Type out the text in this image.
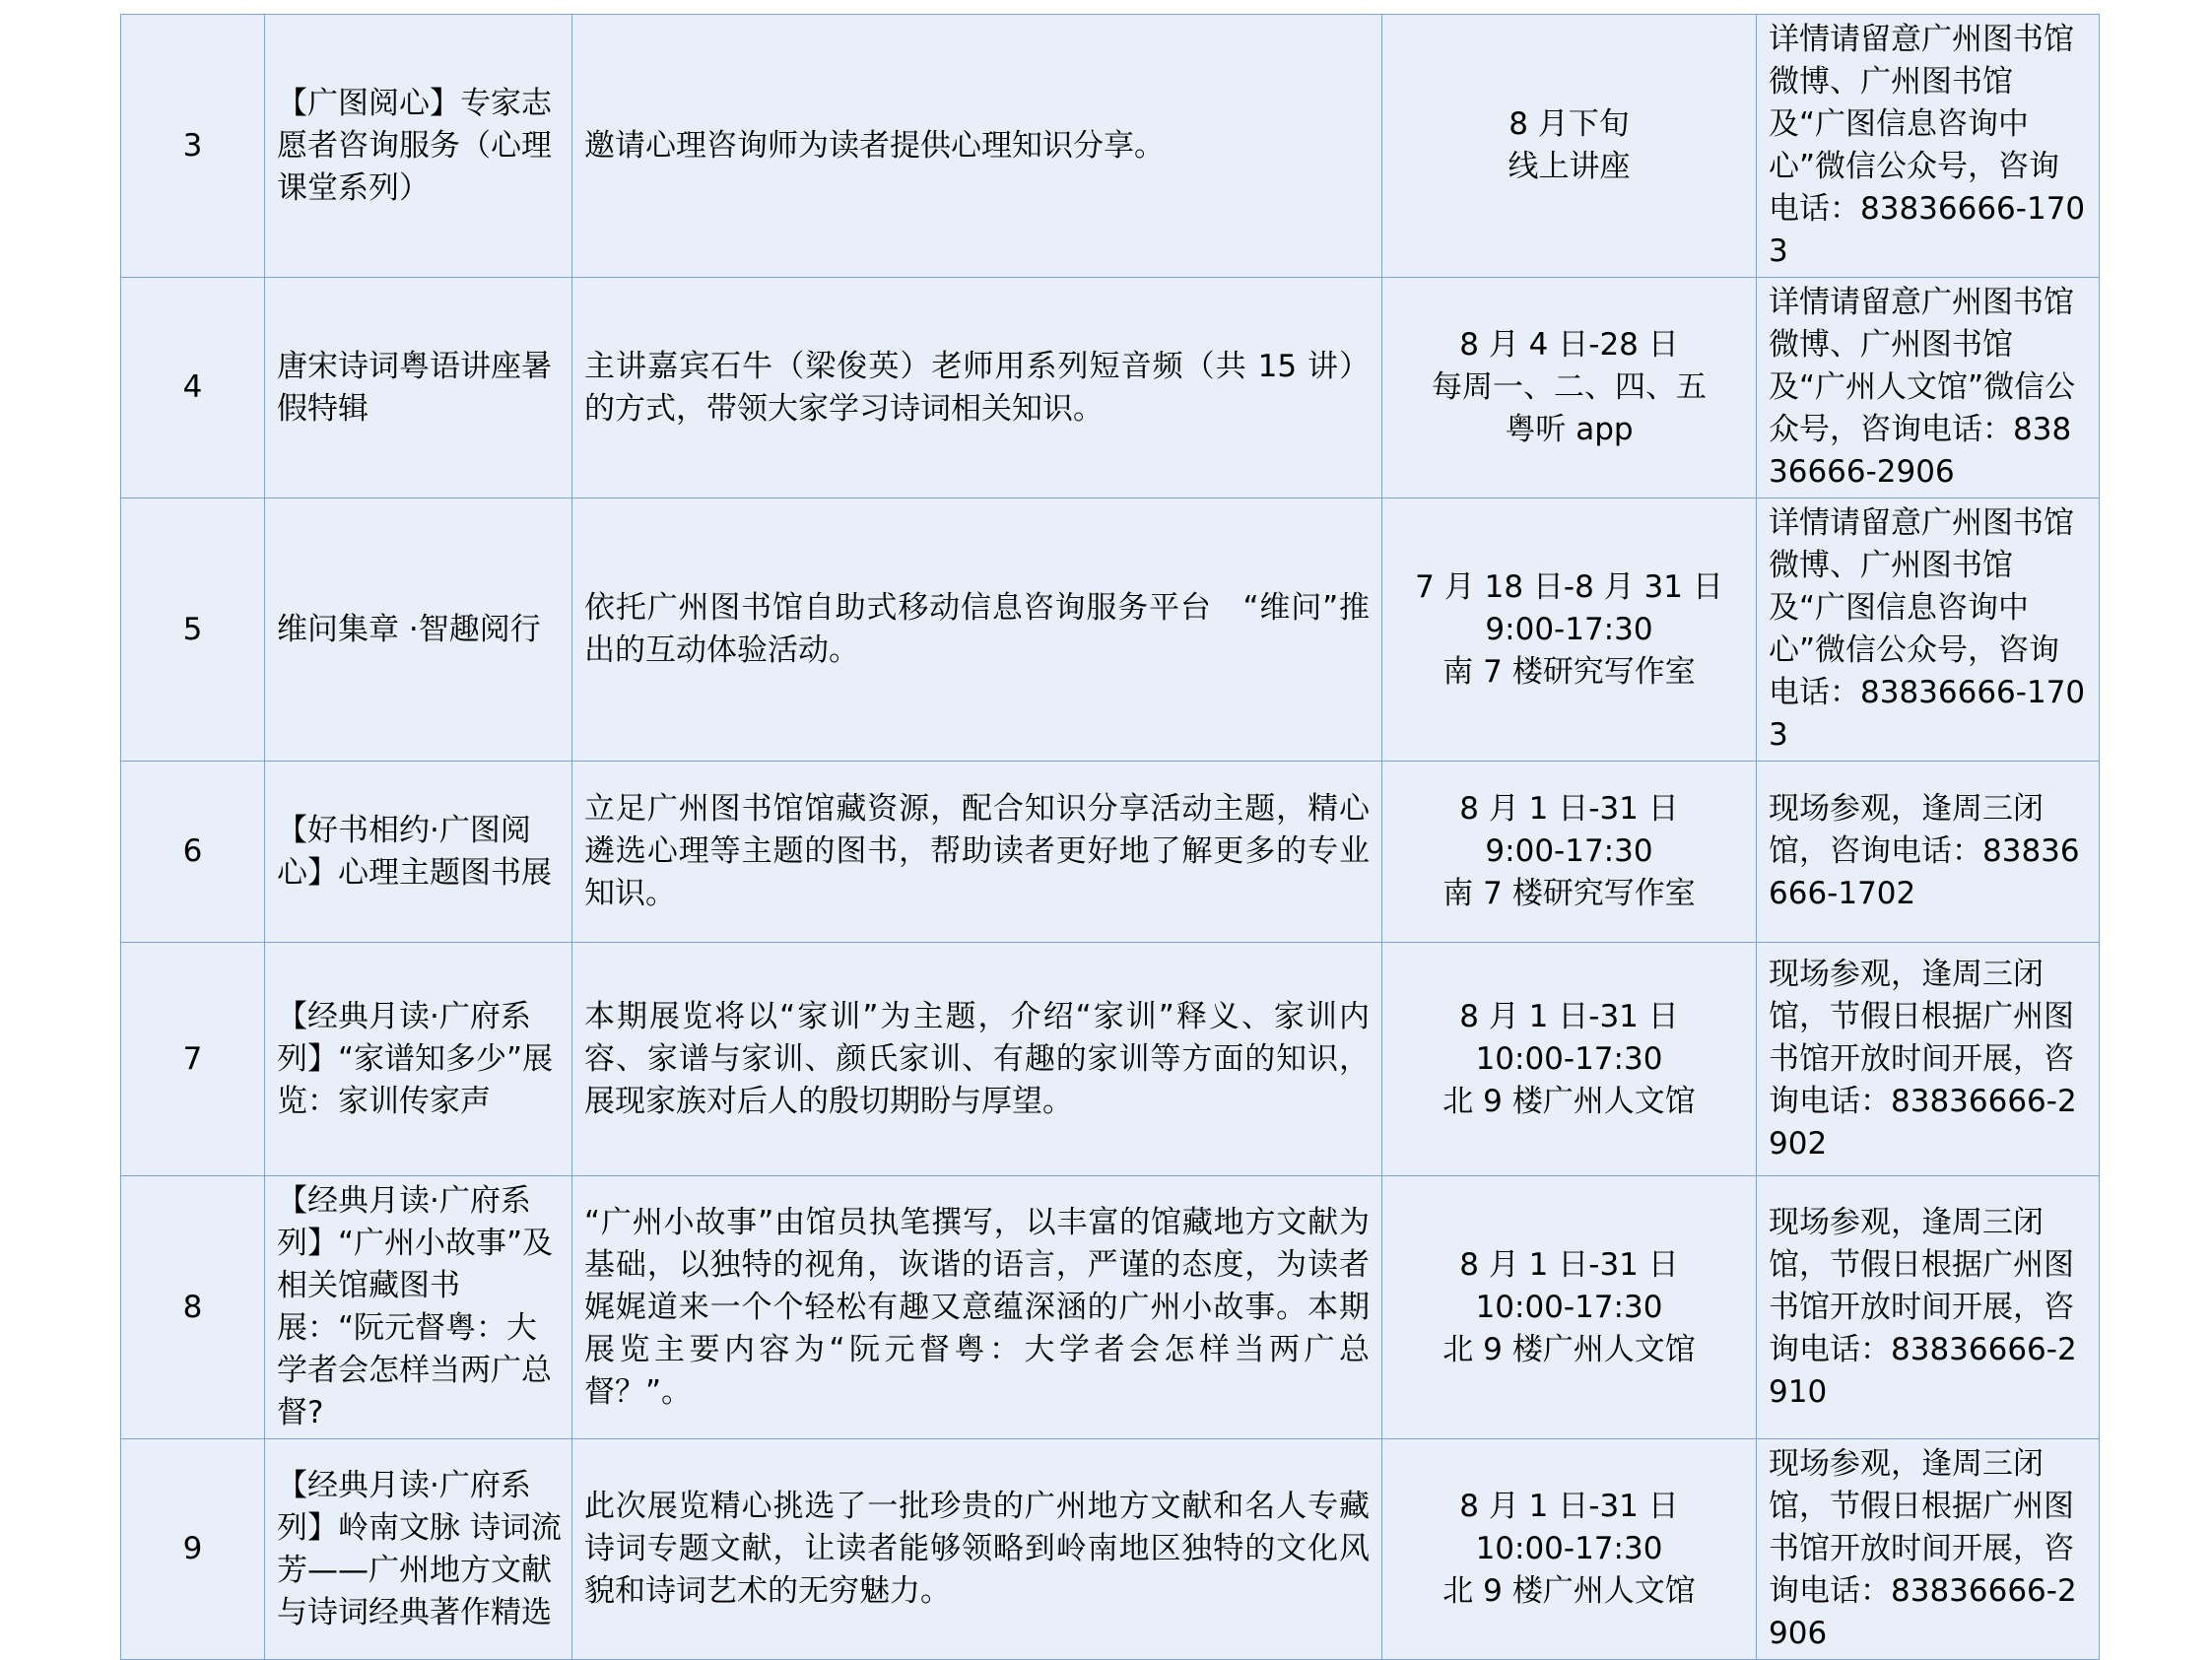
3	【广图阅心】专家志愿者咨询服务（心理课堂系列）	邀请心理咨询师为读者提供心理知识分享。	8 月下旬
线上讲座	详情请留意广州图书馆微博、广州图书馆及“广图信息咨询中心”微信公众号，咨询电话：83836666-1703
4	唐宋诗词粤语讲座暑假特辑	主讲嘉宾石牛（梁俊英）老师用系列短音频（共 15 讲）的方式，带领大家学习诗词相关知识。	8 月 4 日-28 日
每周一、二、四、五
粤听 app	详情请留意广州图书馆微博、广州图书馆及“广州人文馆”微信公众号，咨询电话：83836666-2906
5	维问集章 ·智趣阅行	依托广州图书馆自助式移动信息咨询服务平台　“维问”推出的互动体验活动。	7 月 18 日-8 月 31 日
9:00-17:30
南 7 楼研究写作室	详情请留意广州图书馆微博、广州图书馆及“广图信息咨询中心”微信公众号，咨询电话：83836666-1703
6	【好书相约·广图阅心】心理主题图书展	立足广州图书馆馆藏资源，配合知识分享活动主题，精心遴选心理等主题的图书，帮助读者更好地了解更多的专业知识。	8 月 1 日-31 日
9:00-17:30
南 7 楼研究写作室	现场参观，逢周三闭馆，咨询电话：83836666-1702
7	【经典月读·广府系列】“家谱知多少”展览：家训传家声	本期展览将以“家训”为主题，介绍“家训”释义、家训内容、家谱与家训、颜氏家训、有趣的家训等方面的知识，展现家族对后人的殷切期盼与厚望。	8 月 1 日-31 日
10:00-17:30
北 9 楼广州人文馆	现场参观，逢周三闭馆，节假日根据广州图书馆开放时间开展，咨询电话：83836666-2902
8	【经典月读·广府系列】“广州小故事”及相关馆藏图书展：“阮元督粤：大学者会怎样当两广总督?	“广州小故事”由馆员执笔撰写，以丰富的馆藏地方文献为基础，以独特的视角，诙谐的语言，严谨的态度，为读者娓娓道来一个个轻松有趣又意蕴深涵的广州小故事。本期展览主要内容为“阮元督粤：大学者会怎样当两广总督？”。	8 月 1 日-31 日
10:00-17:30
北 9 楼广州人文馆	现场参观，逢周三闭馆，节假日根据广州图书馆开放时间开展，咨询电话：83836666-2910
9	【经典月读·广府系列】岭南文脉 诗词流芳——广州地方文献与诗词经典著作精选	此次展览精心挑选了一批珍贵的广州地方文献和名人专藏诗词专题文献，让读者能够领略到岭南地区独特的文化风貌和诗词艺术的无穷魅力。	8 月 1 日-31 日
10:00-17:30
北 9 楼广州人文馆	现场参观，逢周三闭馆，节假日根据广州图书馆开放时间开展，咨询电话：83836666-2906
